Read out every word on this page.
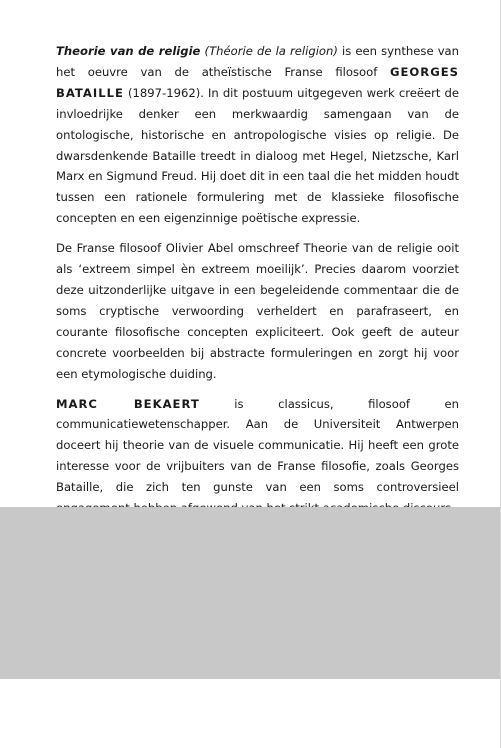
Theorie van de religie (Théorie de la religion) is een synthese van het oeuvre van de atheïstische Franse filosoof GEORGES BATAILLE (1897-1962). In dit postuum uitgegeven werk creëert de invloedrijke denker een merkwaardig samengaan van de ontologische, historische en antropologische visies op religie. De dwarsdenkende Bataille treedt in dialoog met Hegel, Nietzsche, Karl Marx en Sigmund Freud. Hij doet dit in een taal die het midden houdt tussen een rationele formulering met de klassieke filosofische concepten en een eigenzinnige poëtische expressie.

De Franse filosoof Olivier Abel omschreef Theorie van de religie ooit als ‘extreem simpel èn extreem moeilijk’. Precies daarom voorziet deze uitzonderlijke uitgave in een begeleidende commentaar die de soms cryptische verwoording verheldert en parafraseert, en courante filosofische concepten expliciteert. Ook geeft de auteur concrete voorbeelden bij abstracte formuleringen en zorgt hij voor een etymologische duiding.

MARC BEKAERT	is classicus, filosoof en communicatiewetenschapper. Aan de Universiteit Antwerpen doceert hij theorie van de visuele communicatie. Hij heeft een grote interesse voor de vrijbuiters van de Franse filosofie, zoals Georges Bataille, die zich ten gunste van een soms controversieel
